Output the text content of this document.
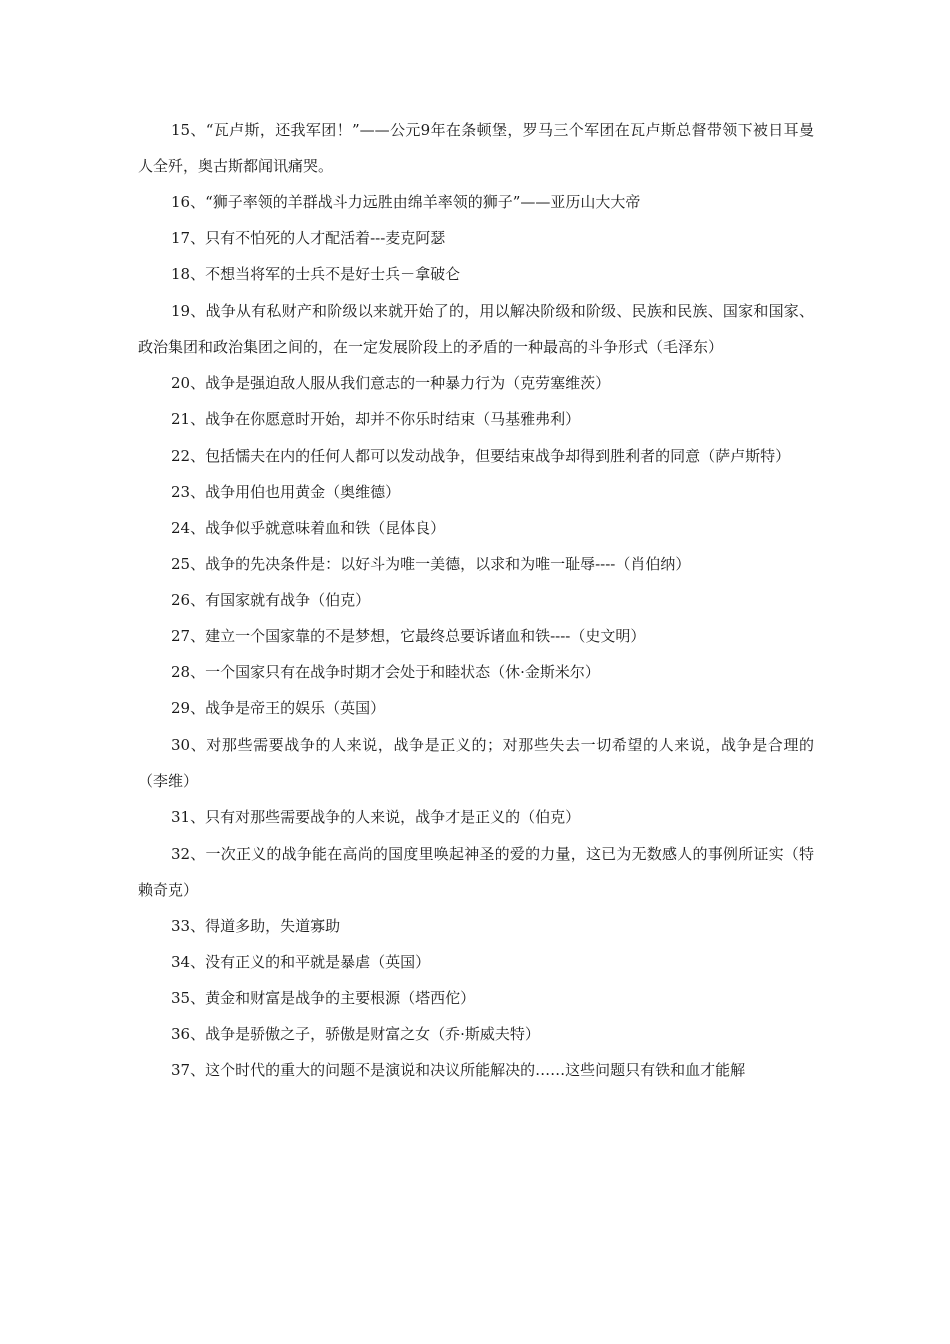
15、“瓦卢斯，还我军团！”——公元9年在条顿堡，罗马三个军团在瓦卢斯总督带领下被日耳曼人全歼，奥古斯都闻讯痛哭。

16、“狮子率领的羊群战斗力远胜由绵羊率领的狮子”——亚历山大大帝

17、只有不怕死的人才配活着---麦克阿瑟

18、不想当将军的士兵不是好士兵－拿破仑

19、战争从有私财产和阶级以来就开始了的，用以解决阶级和阶级、民族和民族、国家和国家、政治集团和政治集团之间的，在一定发展阶段上的矛盾的一种最高的斗争形式（毛泽东）

20、战争是强迫敌人服从我们意志的一种暴力行为（克劳塞维茨）

21、战争在你愿意时开始，却并不你乐时结束（马基雅弗利）

22、包括懦夫在内的任何人都可以发动战争，但要结束战争却得到胜利者的同意（萨卢斯特）

23、战争用伯也用黄金（奥维德）

24、战争似乎就意味着血和铁（昆体良）

25、战争的先决条件是：以好斗为唯一美德，以求和为唯一耻辱----（肖伯纳）

26、有国家就有战争（伯克）

27、建立一个国家靠的不是梦想，它最终总要诉诸血和铁----（史文明）

28、一个国家只有在战争时期才会处于和睦状态（休·金斯米尔）

29、战争是帝王的娱乐（英国）

30、对那些需要战争的人来说，战争是正义的；对那些失去一切希望的人来说，战争是合理的（李维）

31、只有对那些需要战争的人来说，战争才是正义的（伯克）

32、一次正义的战争能在高尚的国度里唤起神圣的爱的力量，这已为无数感人的事例所证实（特赖奇克）

33、得道多助，失道寡助

34、没有正义的和平就是暴虐（英国）

35、黄金和财富是战争的主要根源（塔西佗）

36、战争是骄傲之子，骄傲是财富之女（乔·斯威夫特）

37、这个时代的重大的问题不是演说和决议所能解决的……这些问题只有铁和血才能解
